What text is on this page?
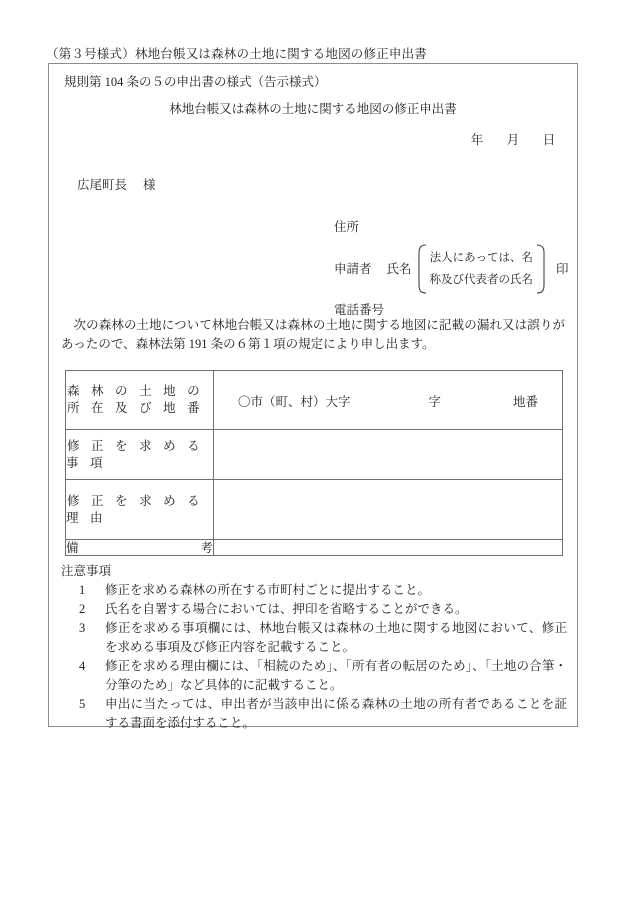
（第３号様式）林地台帳又は森林の土地に関する地図の修正申出書
規則第 104 条の５の申出書の様式（告示様式）
林地台帳又は森林の土地に関する地図の修正申出書
年 月 日
広尾町長 様
住所
申請者 氏名
法人にあっては、名
称及び代表者の氏名
印
電話番号
次の森林の土地について林地台帳又は森林の土地に関する地図に記載の漏れ又は誤りがあったので、森林法第 191 条の６第１項の規定により申し出ます。
森 林 の 土 地 の
所 在 及 び 地 番	〇市（町、村）大字 字 地番

修 正 を 求 め る 事 項	

修 正 を 求 め る 理 由	

備 考	

注意事項
1	修正を求める森林の所在する市町村ごとに提出すること。
2	氏名を自署する場合においては、押印を省略することができる。
3	修正を求める事項欄には、林地台帳又は森林の土地に関する地図において、修正を求める事項及び修正内容を記載すること。
4	修正を求める理由欄には、「相続のため」、「所有者の転居のため」、「土地の合筆・分筆のため」など具体的に記載すること。
5	申出に当たっては、申出者が当該申出に係る森林の土地の所有者であることを証する書面を添付すること。
